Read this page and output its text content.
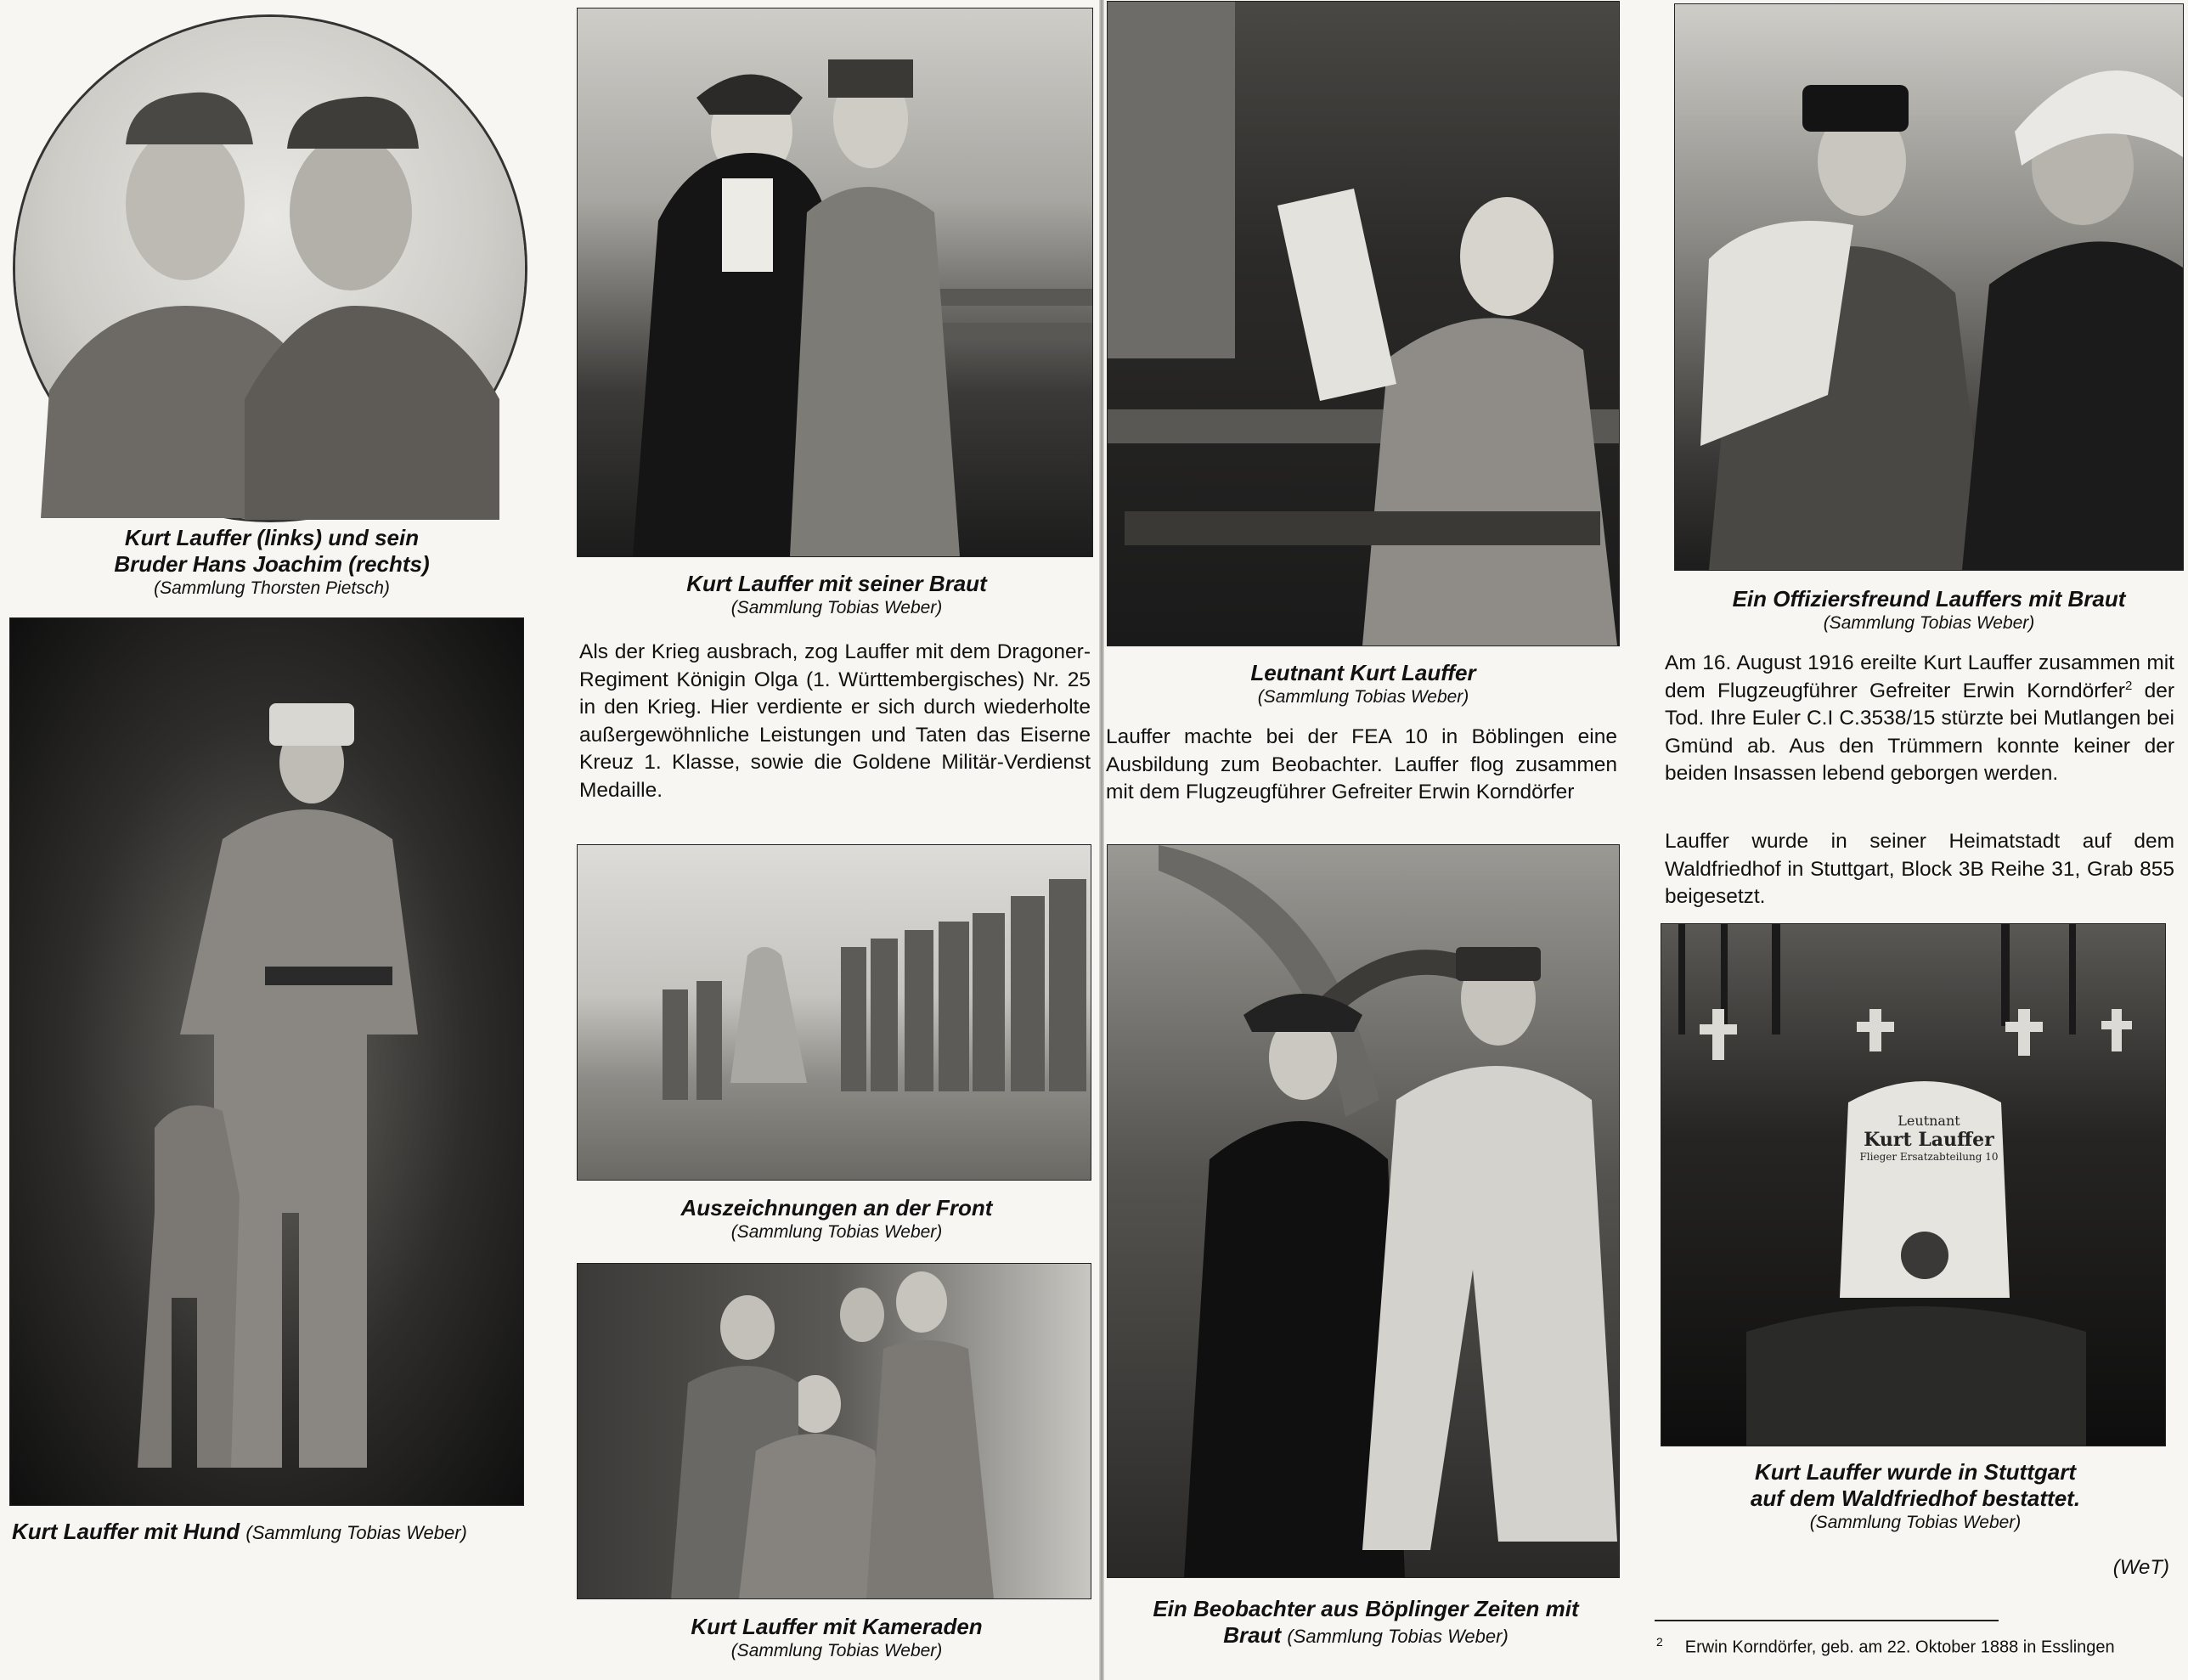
Kurt Lauffer (links) und sein
Bruder Hans Joachim (rechts)
(Sammlung Thorsten Pietsch)	Kurt Lauffer mit seiner Braut
(Sammlung Tobias Weber)

Als der Krieg ausbrach, zog Lauffer mit dem Dragoner-Regiment Königin Olga (1. Württembergisches) Nr. 25 in den Krieg. Hier verdiente er sich durch wiederholte außergewöhnliche Leistungen und Taten das Eiserne Kreuz 1. Klasse, sowie die Goldene Militär-Verdienst Medaille.

Kurt Lauffer mit Hund (Sammlung Tobias Weber)
Auszeichnungen an der Front
(Sammlung Tobias Weber)
Kurt Lauffer mit Kameraden
(Sammlung Tobias Weber)
Leutnant Kurt Lauffer
(Sammlung Tobias Weber)

Lauffer machte bei der FEA 10 in Böblingen eine Ausbildung zum Beobachter. Lauffer flog zusammen mit dem Flugzeugführer Gefreiter Erwin Korndörfer

Ein Beobachter aus Böplinger Zeiten mit
Braut (Sammlung Tobias Weber)
Ein Offiziersfreund Lauffers mit Braut
(Sammlung Tobias Weber)

Am 16. August 1916 ereilte Kurt Lauffer zusammen mit dem Flugzeugführer Gefreiter Erwin Korndörfer$^2$ der Tod. Ihre Euler C.I C.3538/15 stürzte bei Mutlangen bei Gmünd ab. Aus den Trümmern konnte keiner der beiden Insassen lebend geborgen werden.

Lauffer wurde in seiner Heimatstadt auf dem Waldfriedhof in Stuttgart, Block 3B Reihe 31, Grab 855 beigesetzt.

Leutnant
Kurt Lauffer
Flieger Ersatzabteilung 10
Kurt Lauffer wurde in Stuttgart
auf dem Waldfriedhof bestattet.
(Sammlung Tobias Weber)
(WeT)
$^2$ Erwin Korndörfer, geb. am 22. Oktober 1888 in Esslingen
